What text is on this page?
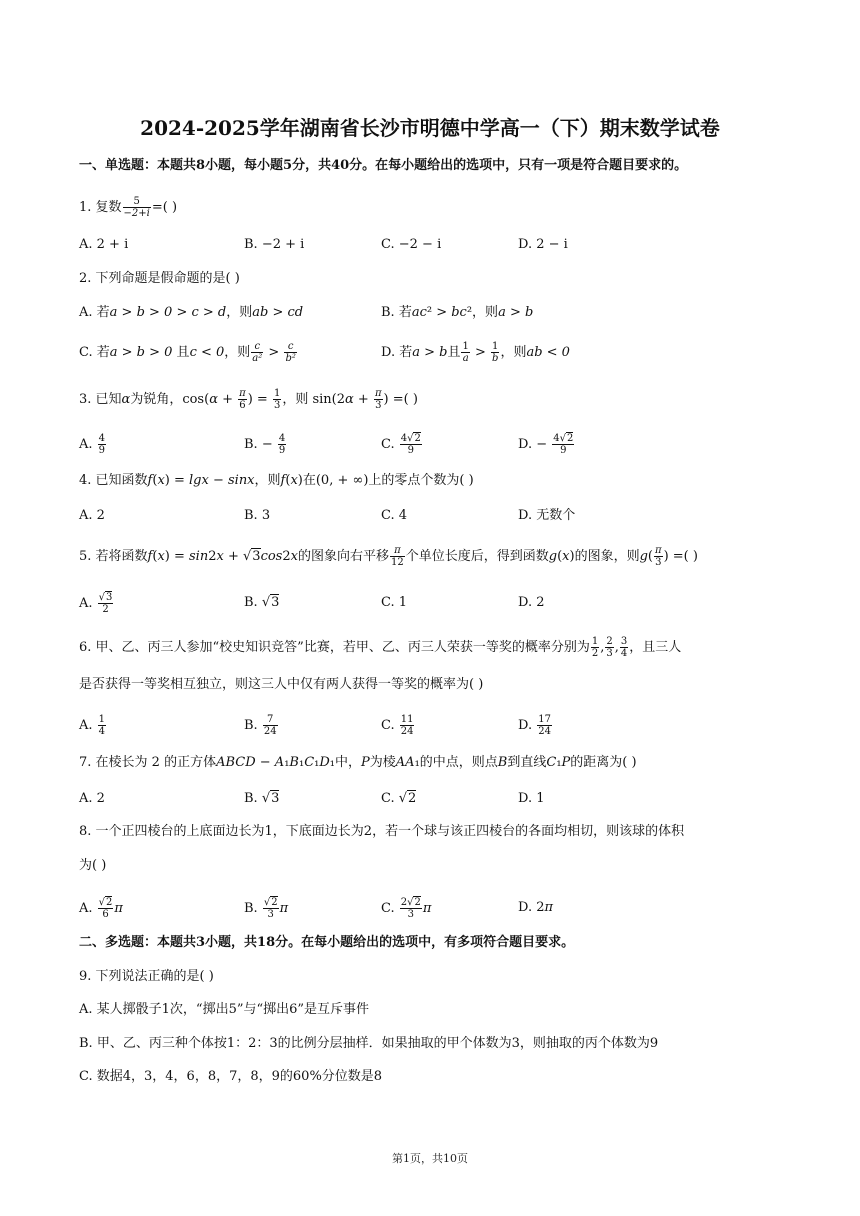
2024-2025学年湖南省长沙市明德中学高一（下）期末数学试卷
一、单选题：本题共8小题，每小题5分，共40分。在每小题给出的选项中，只有一项是符合题目要求的。
1. 复数 $\frac{5}{-2+i}$ =( )
A. 2 + i	B. −2 + i	C. −2 − i	D. 2 − i
2. 下列命题是假命题的是( )
A. 若a > b > 0 > c > d，则ab > cd	B. 若ac² > bc²，则a > b
C. 若a > b > 0 且c < 0，则 $\frac{c}{\text{a²}} > \frac{c}{\text{b²}}$	D. 若a > b且 $\frac{1}{a} > \frac{1}{b}$ ，则ab < 0
3. 已知α为锐角，$\cos(\alpha + \frac{\pi}{6}$ ) = $\frac{1}{3}$ ，则 $\sin(2\alpha + \frac{\pi}{3}$ ) =( )
A. $\frac{4}{9}$	B. − $\frac{4}{9}$	C. $\frac{4√2}{9}$	D. − $\frac{4√2}{9}$
4. 已知函数f(x) = lgx − sinx，则f(x)在(0, + ∞)上的零点个数为( )
A. 2	B. 3	C. 4	D. 无数个
5. 若将函数f(x) = sin2x + √3cos2x的图象向右平移 $\frac{\pi}{12}$ 个单位长度后，得到函数g(x)的图象，则$g( \frac{\pi}{3}$ ) =( )
A. $\frac{√3}{2}$	B. √3	C. 1	D. 2
6. 甲、乙、丙三人参加“校史知识竞答”比赛，若甲、乙、丙三人荣获一等奖的概率分别为 $\frac{1}{2}$ , $\frac{2}{3}$ , $\frac{3}{4}$ ，且三人
是否获得一等奖相互独立，则这三人中仅有两人获得一等奖的概率为( )
A. $\frac{1}{4}$	B. $\frac{7}{24}$	C. $\frac{11}{24}$	D. $\frac{17}{24}$
7. 在棱长为 2 的正方体ABCD − A₁B₁C₁D₁中，P为棱AA₁的中点，则点B到直线C₁P的距离为( )
A. 2	B. √3	C. √2	D. 1
8. 一个正四棱台的上底面边长为1，下底面边长为2，若一个球与该正四棱台的各面均相切，则该球的体积
为( )
A. $\frac{√2}{6}$ π	B. $\frac{√2}{3}$ π	C. $\frac{2√2}{3}$ π	D. 2π
二、多选题：本题共3小题，共18分。在每小题给出的选项中，有多项符合题目要求。
9. 下列说法正确的是( )
A. 某人掷骰子1次，“掷出5”与“掷出6”是互斥事件
B. 甲、乙、丙三种个体按1：2：3的比例分层抽样．如果抽取的甲个体数为3，则抽取的丙个体数为9
C. 数据4，3，4，6，8，7，8，9的60%分位数是8
第1页，共10页
